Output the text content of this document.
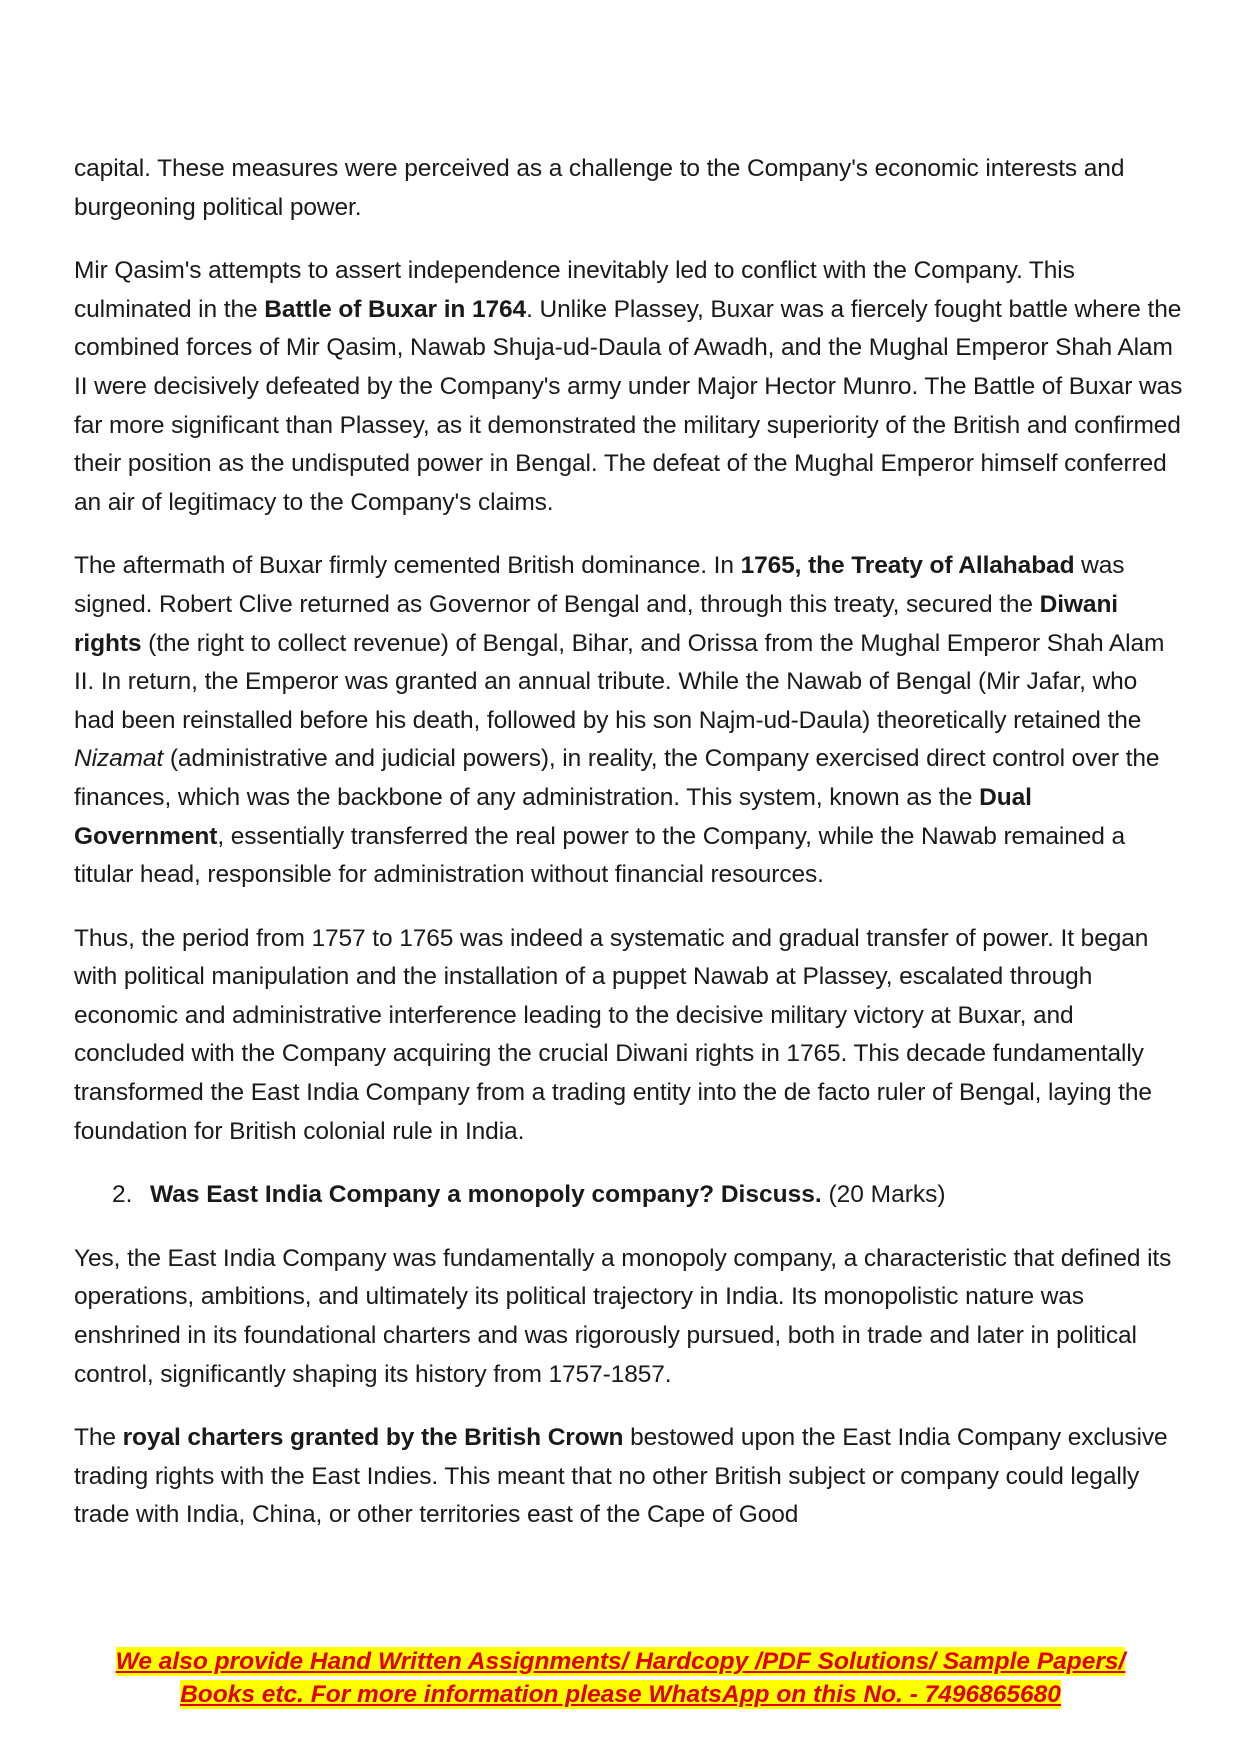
capital. These measures were perceived as a challenge to the Company's economic interests and burgeoning political power.

Mir Qasim's attempts to assert independence inevitably led to conflict with the Company. This culminated in the Battle of Buxar in 1764. Unlike Plassey, Buxar was a fiercely fought battle where the combined forces of Mir Qasim, Nawab Shuja-ud-Daula of Awadh, and the Mughal Emperor Shah Alam II were decisively defeated by the Company's army under Major Hector Munro. The Battle of Buxar was far more significant than Plassey, as it demonstrated the military superiority of the British and confirmed their position as the undisputed power in Bengal. The defeat of the Mughal Emperor himself conferred an air of legitimacy to the Company's claims.

The aftermath of Buxar firmly cemented British dominance. In 1765, the Treaty of Allahabad was signed. Robert Clive returned as Governor of Bengal and, through this treaty, secured the Diwani rights (the right to collect revenue) of Bengal, Bihar, and Orissa from the Mughal Emperor Shah Alam II. In return, the Emperor was granted an annual tribute. While the Nawab of Bengal (Mir Jafar, who had been reinstalled before his death, followed by his son Najm-ud-Daula) theoretically retained the Nizamat (administrative and judicial powers), in reality, the Company exercised direct control over the finances, which was the backbone of any administration. This system, known as the Dual Government, essentially transferred the real power to the Company, while the Nawab remained a titular head, responsible for administration without financial resources.

Thus, the period from 1757 to 1765 was indeed a systematic and gradual transfer of power. It began with political manipulation and the installation of a puppet Nawab at Plassey, escalated through economic and administrative interference leading to the decisive military victory at Buxar, and concluded with the Company acquiring the crucial Diwani rights in 1765. This decade fundamentally transformed the East India Company from a trading entity into the de facto ruler of Bengal, laying the foundation for British colonial rule in India.

2. Was East India Company a monopoly company? Discuss. (20 Marks)

Yes, the East India Company was fundamentally a monopoly company, a characteristic that defined its operations, ambitions, and ultimately its political trajectory in India. Its monopolistic nature was enshrined in its foundational charters and was rigorously pursued, both in trade and later in political control, significantly shaping its history from 1757-1857.

The royal charters granted by the British Crown bestowed upon the East India Company exclusive trading rights with the East Indies. This meant that no other British subject or company could legally trade with India, China, or other territories east of the Cape of Good

We also provide Hand Written Assignments/ Hardcopy /PDF Solutions/ Sample Papers/
Books etc. For more information please WhatsApp on this No. - 7496865680
